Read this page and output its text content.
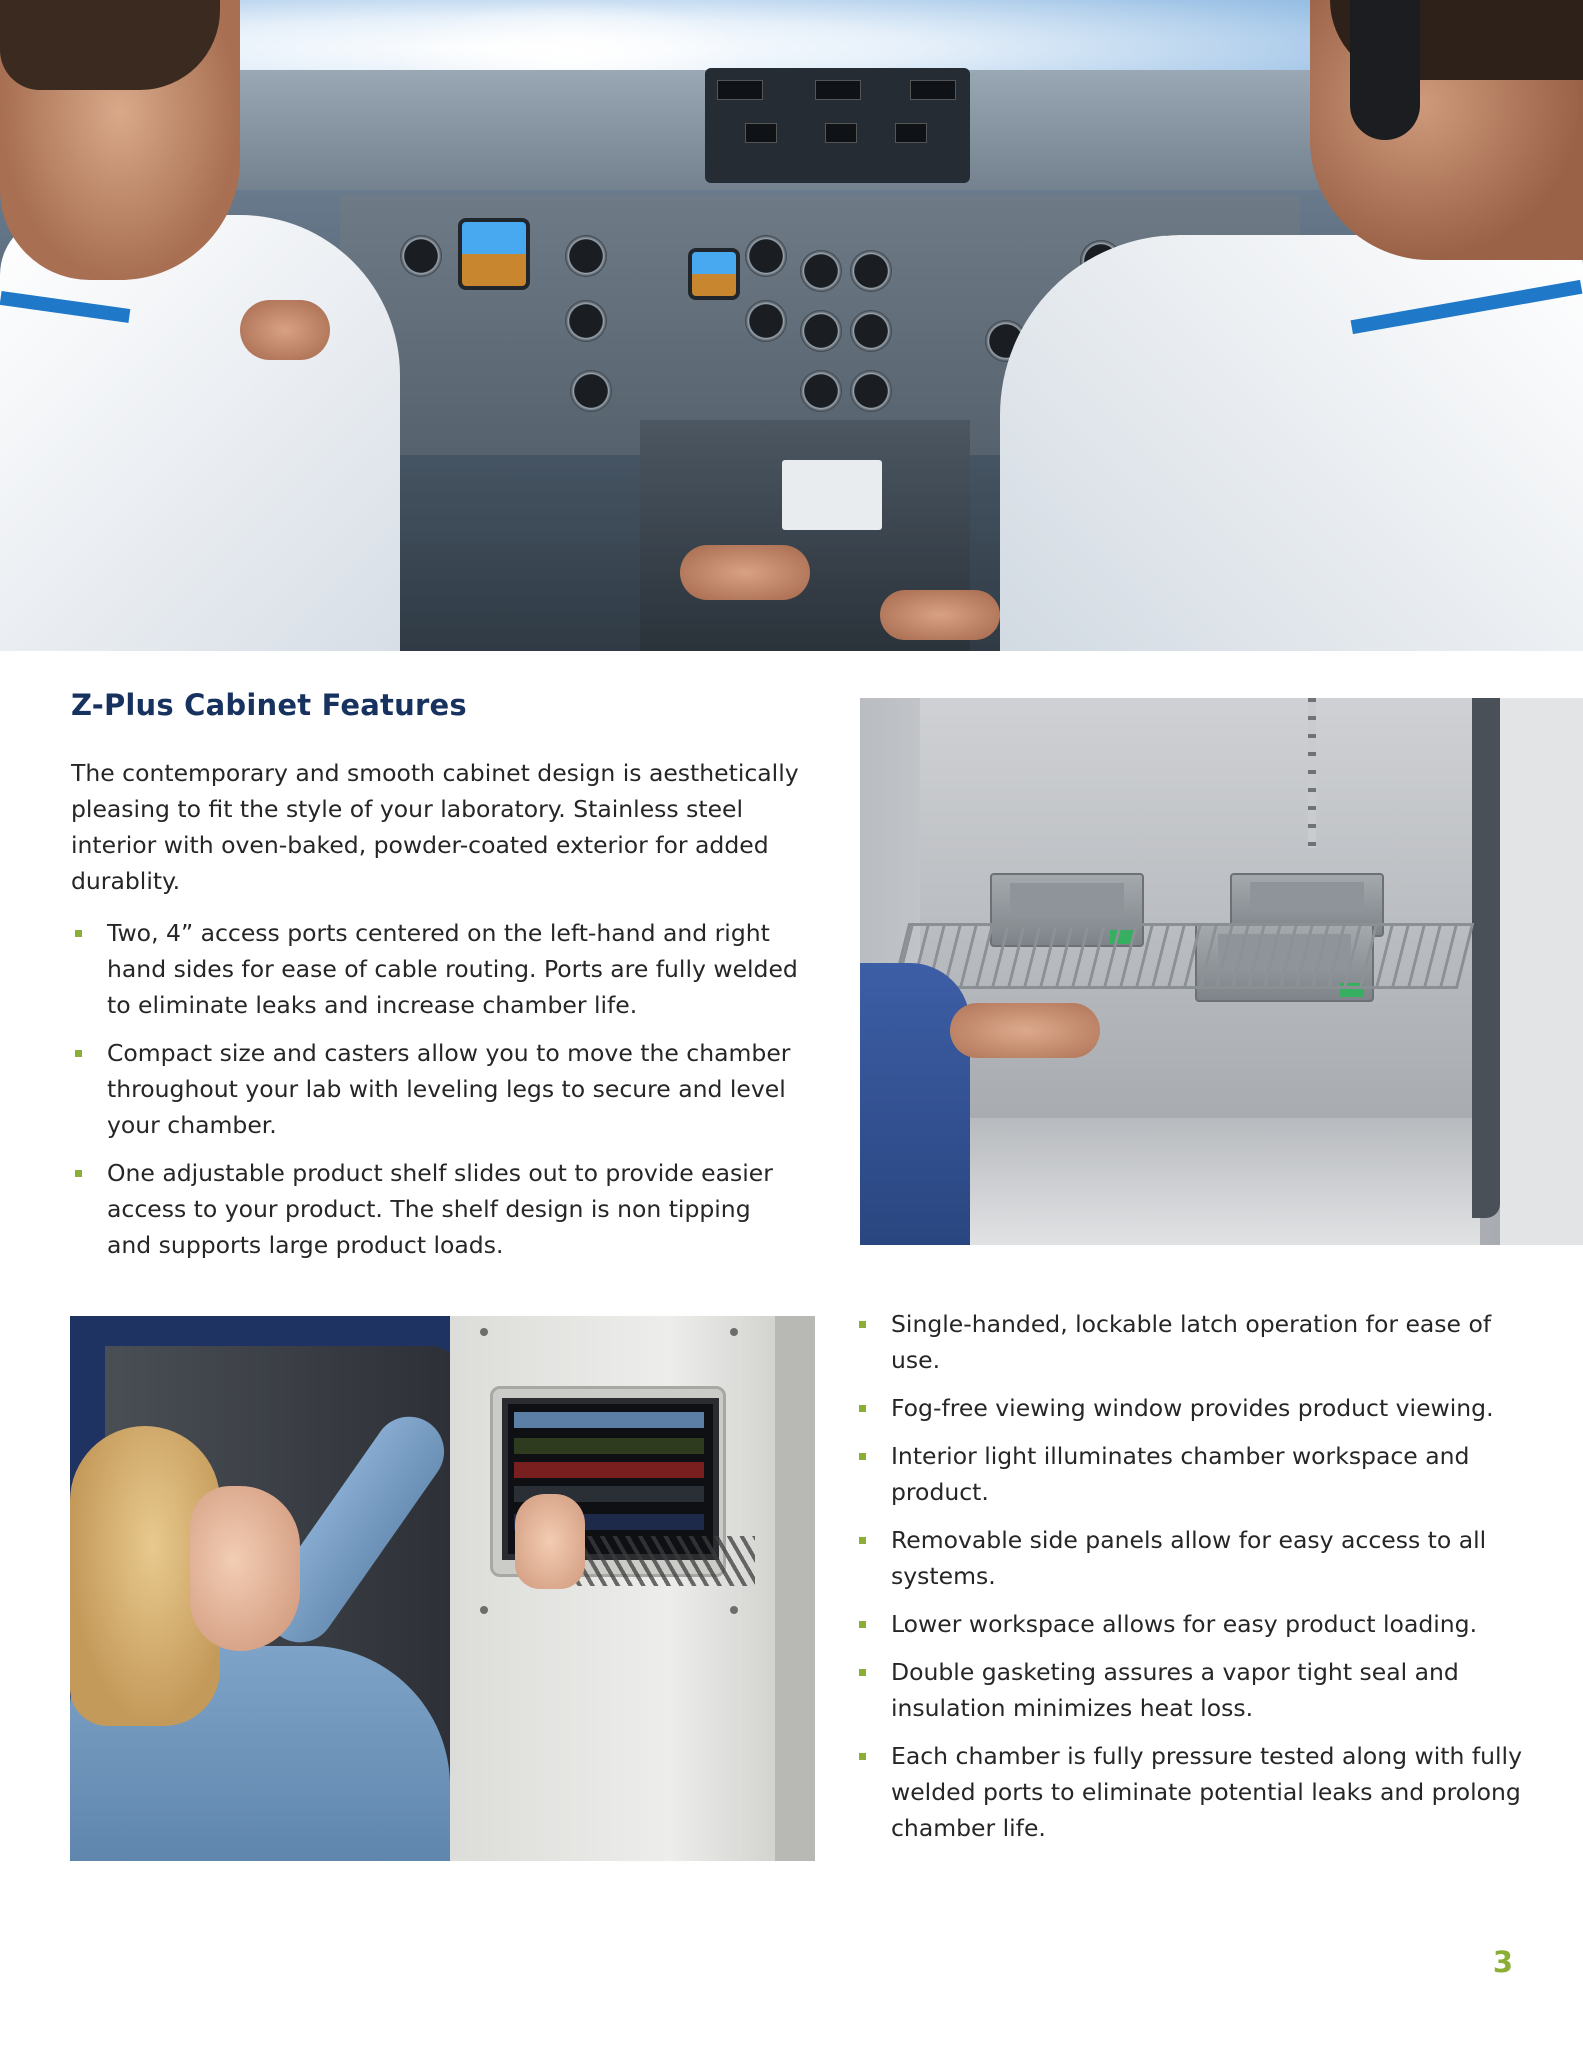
Z-Plus Cabinet Features

The contemporary and smooth cabinet design is aesthetically pleasing to fit the style of your laboratory. Stainless steel interior with oven-baked, powder-coated exterior for added durablity.

Two, 4” access ports centered on the left-hand and right hand sides for ease of cable routing. Ports are fully welded to eliminate leaks and increase chamber life.
Compact size and casters allow you to move the chamber throughout your lab with leveling legs to secure and level your chamber.
One adjustable product shelf slides out to provide easier access to your product. The shelf design is non tipping and supports large product loads.
Single-handed, lockable latch operation for ease of use.
Fog-free viewing window provides product viewing.
Interior light illuminates chamber workspace and product.
Removable side panels allow for easy access to all systems.
Lower workspace allows for easy product loading.
Double gasketing assures a vapor tight seal and insulation minimizes heat loss.
Each chamber is fully pressure tested along with fully welded ports to eliminate potential leaks and prolong chamber life.
3
